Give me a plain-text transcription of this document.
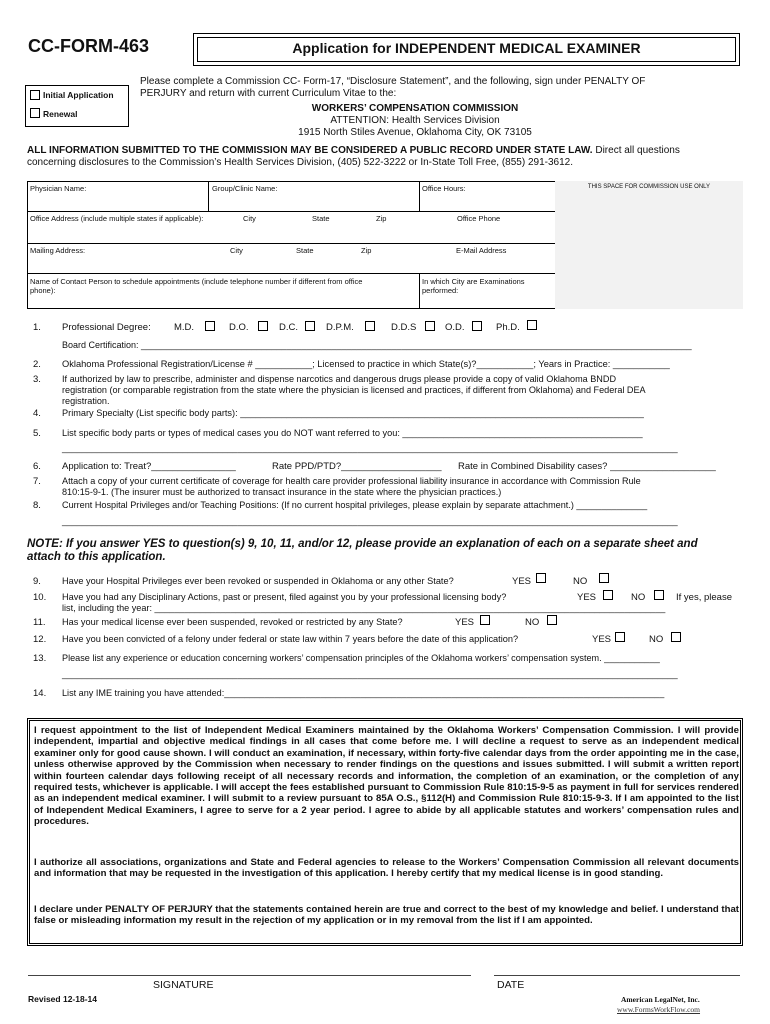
CC-FORM-463	Application for INDEPENDENT MEDICAL EXAMINER
Initial Application
Renewal
Please complete a Commission CC- Form-17, “Disclosure Statement”, and the following, sign under PENALTY OF
PERJURY and return with current Curriculum Vitae to the:
WORKERS’ COMPENSATION COMMISSION
ATTENTION: Health Services Division
1915 North Stiles Avenue, Oklahoma City, OK 73105
ALL INFORMATION SUBMITTED TO THE COMMISSION MAY BE CONSIDERED A PUBLIC RECORD UNDER STATE LAW. Direct all questions
concerning disclosures to the Commission’s Health Services Division, (405) 522-3222 or In-State Toll Free, (855) 291-3612.
THIS SPACE FOR COMMISSION USE ONLY
Physician Name:	Group/Clinic Name:	Office Hours:
Office Address (include multiple states if applicable):	City	State	Zip	Office Phone
Mailing Address:	City	State	Zip	E-Mail Address
Name of Contact Person to schedule appointments (include telephone number if different from office
phone):
In which City are Examinations
performed:
1. Professional Degree: M.D.	D.O.	D.C.	D.P.M.	D.D.S	O.D.	Ph.D.
Board Certification: ______________________________________________________________________________________________________________
2. Oklahoma Professional Registration/License # ___________; Licensed to practice in which State(s)?___________; Years in Practice: ___________
3. If authorized by law to prescribe, administer and dispense narcotics and dangerous drugs please provide a copy of valid Oklahoma BNDD
registration (or comparable registration from the state where the physician is licensed and practices, if different from Oklahoma) and Federal DEA
registration.
4. Primary Specialty (List specific body parts): _______________________________________________________________________________
5. List specific body parts or types of medical cases you do NOT want referred to you: _______________________________________________
___________________________________________________________________________________________________________________________
6. Application to: Treat?________________	Rate PPD/PTD?___________________ Rate in Combined Disability cases? ____________________
7. Attach a copy of your current certificate of coverage for health care provider professional liability insurance in accordance with Commission Rule
810:15-9-1. (The insurer must be authorized to transact insurance in the state where the physician practices.)
8. Current Hospital Privileges and/or Teaching Positions: (If no current hospital privileges, please explain by separate attachment.) ______________
___________________________________________________________________________________________________________________________
NOTE: If you answer YES to question(s) 9, 10, 11, and/or 12, please provide an explanation of each on a separate sheet and
attach to this application.
9. Have your Hospital Privileges ever been revoked or suspended in Oklahoma or any other State?	YES	NO
10. Have you had any Disciplinary Actions, past or present, filed against you by your professional licensing body?	YES	NO	If yes, please
list, including the year: _____________________________________________________________________________________________________
11. Has your medical license ever been suspended, revoked or restricted by any State?	YES	NO
12. Have you been convicted of a felony under federal or state law within 7 years before the date of this application?	YES	NO
13. Please list any experience or education concerning workers’ compensation principles of the Oklahoma workers’ compensation system. ___________
___________________________________________________________________________________________________________________________
14. List any IME training you have attended:_______________________________________________________________________________________
I request appointment to the list of Independent Medical Examiners maintained by the Oklahoma Workers’ Compensation Commission. I will provide independent, impartial and objective medical findings in all cases that come before me. I will decline a request to serve as an independent medical examiner only for good cause shown. I will conduct an examination, if necessary, within forty-five calendar days from the order appointing me in the case, unless otherwise approved by the Commission when necessary to render findings on the questions and issues submitted. I will submit a written report within fourteen calendar days following receipt of all necessary records and information, the completion of an examination, or the completion of any required tests, whichever is applicable. I will accept the fees established pursuant to Commission Rule 810:15-9-5 as payment in full for services rendered as an independent medical examiner. I will submit to a review pursuant to 85A O.S., §112(H) and Commission Rule 810:15-9-3. If I am appointed to the list of Independent Medical Examiners, I agree to serve for a 2 year period. I agree to abide by all applicable statutes and workers’ compensation rules and procedures.
I authorize all associations, organizations and State and Federal agencies to release to the Workers’ Compensation Commission all relevant documents and information that may be requested in the investigation of this application. I hereby certify that my medical license is in good standing.
I declare under PENALTY OF PERJURY that the statements contained herein are true and correct to the best of my knowledge and belief. I understand that false or misleading information my result in the rejection of my application or in my removal from the list if I am appointed.
SIGNATURE	DATE
Revised 12-18-14	American LegalNet, Inc.
www.FormsWorkFlow.com
